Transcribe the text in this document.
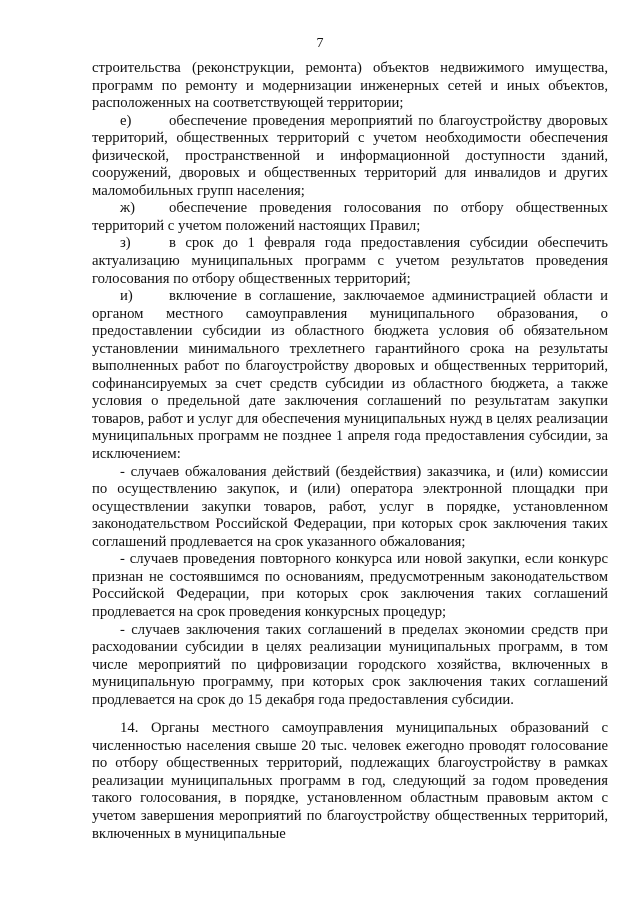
7

строительства (реконструкции, ремонта) объектов недвижимого имущества, программ по ремонту и модернизации инженерных сетей и иных объектов, расположенных на соответствующей территории;

е)	обеспечение проведения мероприятий по благоустройству дворовых территорий, общественных территорий с учетом необходимости обеспечения физической, пространственной и информационной доступности зданий, сооружений, дворовых и общественных территорий для инвалидов и других маломобильных групп населения;

ж) обеспечение проведения голосования по отбору общественных территорий с учетом положений настоящих Правил;

з)	в срок до 1 февраля года предоставления субсидии обеспечить актуализацию муниципальных программ с учетом результатов проведения голосования по отбору общественных территорий;

и) включение в соглашение, заключаемое администрацией области и органом местного самоуправления муниципального образования, о предоставлении субсидии из областного бюджета условия об обязательном установлении минимального трехлетнего гарантийного срока на результаты выполненных работ по благоустройству дворовых и общественных территорий, софинансируемых за счет средств субсидии из областного бюджета, а также условия о предельной дате заключения соглашений по результатам закупки товаров, работ и услуг для обеспечения муниципальных нужд в целях реализации муниципальных программ не позднее 1 апреля года предоставления субсидии, за исключением:

- случаев обжалования действий (бездействия) заказчика, и (или) комиссии по осуществлению закупок, и (или) оператора электронной площадки при осуществлении закупки товаров, работ, услуг в порядке, установленном законодательством Российской Федерации, при которых срок заключения таких соглашений продлевается на срок указанного обжалования;

- случаев проведения повторного конкурса или новой закупки, если конкурс признан не состоявшимся по основаниям, предусмотренным законодательством Российской Федерации, при которых срок заключения таких соглашений продлевается на срок проведения конкурсных процедур;

- случаев заключения таких соглашений в пределах экономии средств при расходовании субсидии в целях реализации муниципальных программ, в том числе мероприятий по цифровизации городского хозяйства, включенных в муниципальную программу, при которых срок заключения таких соглашений продлевается на срок до 15 декабря года предоставления субсидии.

14. Органы местного самоуправления муниципальных образований с численностью населения свыше 20 тыс. человек ежегодно проводят голосование по отбору общественных территорий, подлежащих благоустройству в рамках реализации муниципальных программ в год, следующий за годом проведения такого голосования, в порядке, установленном областным правовым актом с учетом завершения мероприятий по благоустройству общественных территорий, включенных в муниципальные
